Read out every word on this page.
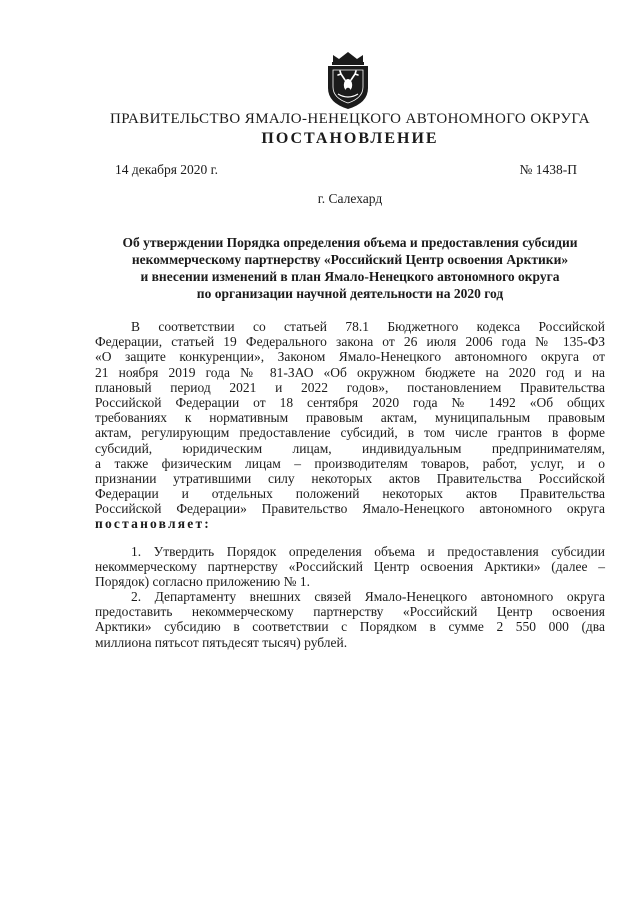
ПРАВИТЕЛЬСТВО ЯМАЛО-НЕНЕЦКОГО АВТОНОМНОГО ОКРУГА
ПОСТАНОВЛЕНИЕ
14 декабря 2020 г.	№ 1438-П
г. Салехард
Об утверждении Порядка определения объема и предоставления субсидии
некоммерческому партнерству «Российский Центр освоения Арктики»
и внесении изменений в план Ямало-Ненецкого автономного округа
по организации научной деятельности на 2020 год
В соответствии со статьей 78.1 Бюджетного кодекса Российской
Федерации, статьей 19 Федерального закона от 26 июля 2006 года № 135-ФЗ
«О защите конкуренции», Законом Ямало-Ненецкого автономного округа от
21 ноября 2019 года № 81-ЗАО «Об окружном бюджете на 2020 год и на
плановый период 2021 и 2022 годов», постановлением Правительства
Российской Федерации от 18 сентября 2020 года № 1492 «Об общих
требованиях к нормативным правовым актам, муниципальным правовым
актам, регулирующим предоставление субсидий, в том числе грантов в форме
субсидий, юридическим лицам, индивидуальным предпринимателям,
а также физическим лицам – производителям товаров, работ, услуг, и о
признании утратившими силу некоторых актов Правительства Российской
Федерации и отдельных положений некоторых актов Правительства
Российской Федерации» Правительство Ямало-Ненецкого автономного округа
постановляет:
1. Утвердить Порядок определения объема и предоставления субсидии
некоммерческому партнерству «Российский Центр освоения Арктики» (далее –
Порядок) согласно приложению № 1.
2. Департаменту внешних связей Ямало-Ненецкого автономного округа
предоставить некоммерческому партнерству «Российский Центр освоения
Арктики» субсидию в соответствии с Порядком в сумме 2 550 000 (два
миллиона пятьсот пятьдесят тысяч) рублей.
